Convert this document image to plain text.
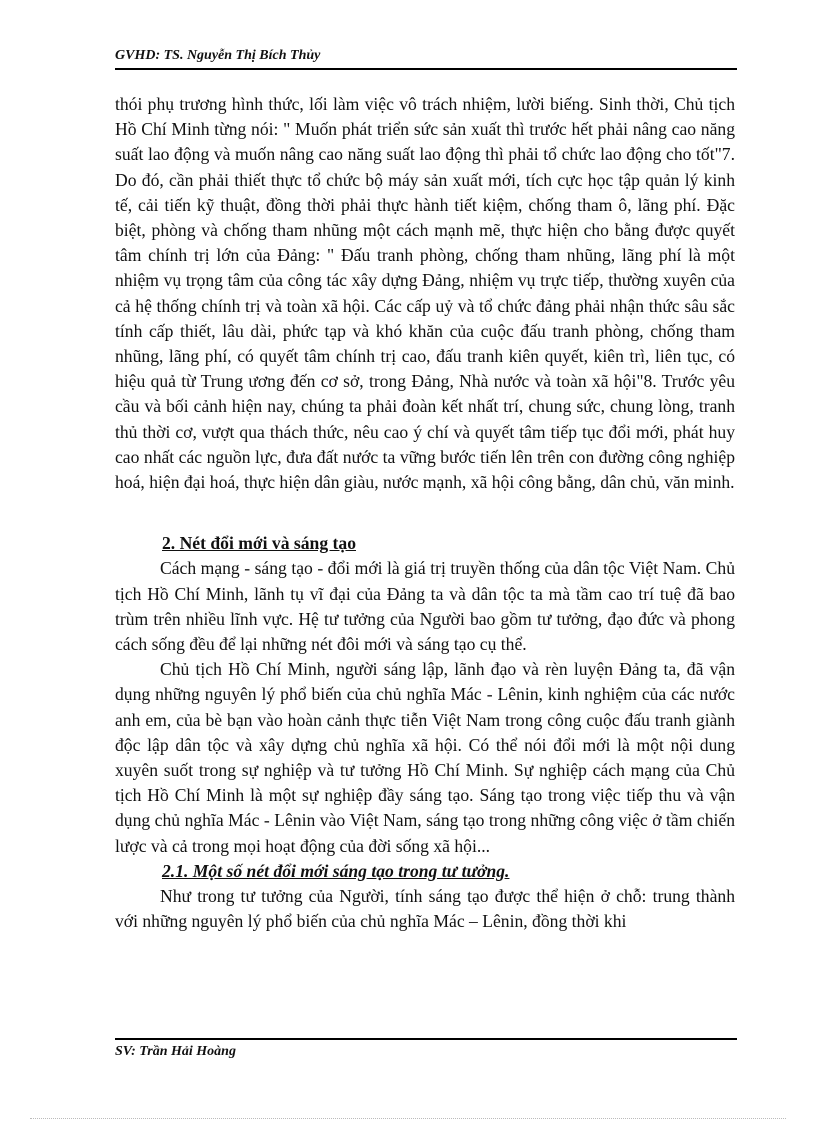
GVHD: TS. Nguyễn Thị Bích Thủy

thói phụ trương hình thức, lối làm việc vô trách nhiệm, lười biếng. Sinh thời, Chủ tịch Hồ Chí Minh từng nói: " Muốn phát triển sức sản xuất thì trước hết phải nâng cao năng suất lao động và muốn nâng cao năng suất lao động thì phải tổ chức lao động cho tốt"7. Do đó, cần phải thiết thực tổ chức bộ máy sản xuất mới, tích cực học tập quản lý kinh tế, cải tiến kỹ thuật, đồng thời phải thực hành tiết kiệm, chống tham ô, lãng phí. Đặc biệt, phòng và chống tham nhũng một cách mạnh mẽ, thực hiện cho bằng được quyết tâm chính trị lớn của Đảng: " Đấu tranh phòng, chống tham nhũng, lãng phí là một nhiệm vụ trọng tâm của công tác xây dựng Đảng, nhiệm vụ trực tiếp, thường xuyên của cả hệ thống chính trị và toàn xã hội. Các cấp uỷ và tổ chức đảng phải nhận thức sâu sắc tính cấp thiết, lâu dài, phức tạp và khó khăn của cuộc đấu tranh phòng, chống tham nhũng, lãng phí, có quyết tâm chính trị cao, đấu tranh kiên quyết, kiên trì, liên tục, có hiệu quả từ Trung ương đến cơ sở, trong Đảng, Nhà nước và toàn xã hội"8. Trước yêu cầu và bối cảnh hiện nay, chúng ta phải đoàn kết nhất trí, chung sức, chung lòng, tranh thủ thời cơ, vượt qua thách thức, nêu cao ý chí và quyết tâm tiếp tục đổi mới, phát huy cao nhất các nguồn lực, đưa đất nước ta vững bước tiến lên trên con đường công nghiệp hoá, hiện đại hoá, thực hiện dân giàu, nước mạnh, xã hội công bằng, dân chủ, văn minh.

2. Nét đổi mới và sáng tạo

Cách mạng - sáng tạo - đổi mới là giá trị truyền thống của dân tộc Việt Nam. Chủ tịch Hồ Chí Minh, lãnh tụ vĩ đại của Đảng ta và dân tộc ta mà tầm cao trí tuệ đã bao trùm trên nhiều lĩnh vực. Hệ tư tưởng của Người bao gồm tư tưởng, đạo đức và phong cách sống đều để lại những nét đôi mới và sáng tạo cụ thể.

Chủ tịch Hồ Chí Minh, người sáng lập, lãnh đạo và rèn luyện Đảng ta, đã vận dụng những nguyên lý phổ biến của chủ nghĩa Mác - Lênin, kinh nghiệm của các nước anh em, của bè bạn vào hoàn cảnh thực tiễn Việt Nam trong công cuộc đấu tranh giành độc lập dân tộc và xây dựng chủ nghĩa xã hội. Có thể nói đổi mới là một nội dung xuyên suốt trong sự nghiệp và tư tưởng Hồ Chí Minh. Sự nghiệp cách mạng của Chủ tịch Hồ Chí Minh là một sự nghiệp đầy sáng tạo. Sáng tạo trong việc tiếp thu và vận dụng chủ nghĩa Mác - Lênin vào Việt Nam, sáng tạo trong những công việc ở tầm chiến lược và cả trong mọi hoạt động của đời sống xã hội...

2.1. Một số nét đổi mới sáng tạo trong tư tưởng.

Như trong tư tưởng của Người, tính sáng tạo được thể hiện ở chỗ: trung thành với những nguyên lý phổ biến của chủ nghĩa Mác – Lênin, đồng thời khi

SV: Trần Hải Hoàng
